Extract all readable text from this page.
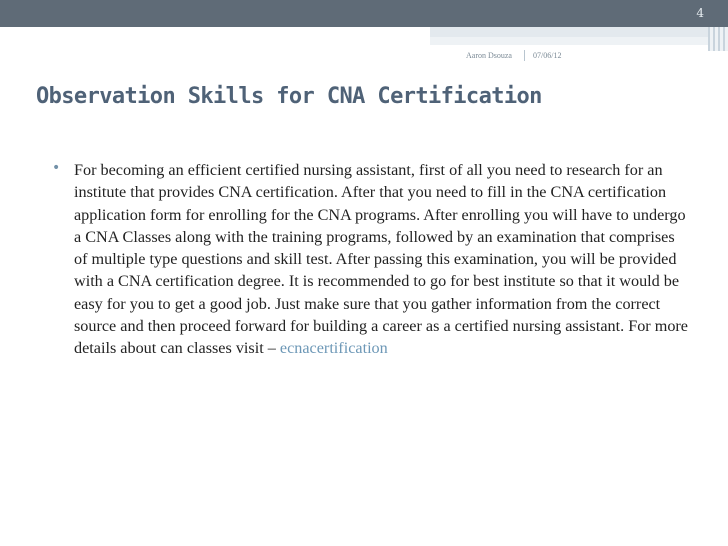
4
Aaron Dsouza	07/06/12
Observation Skills for CNA Certification
• For becoming an efficient certified nursing assistant, first of all you need to research for an institute that provides CNA certification. After that you need to fill in the CNA certification application form for enrolling for the CNA programs. After enrolling you will have to undergo a CNA Classes along with the training programs, followed by an examination that comprises of multiple type questions and skill test. After passing this examination, you will be provided with a CNA certification degree. It is recommended to go for best institute so that it would be easy for you to get a good job. Just make sure that you gather information from the correct source and then proceed forward for building a career as a certified nursing assistant. For more details about can classes visit – ecnacertification
